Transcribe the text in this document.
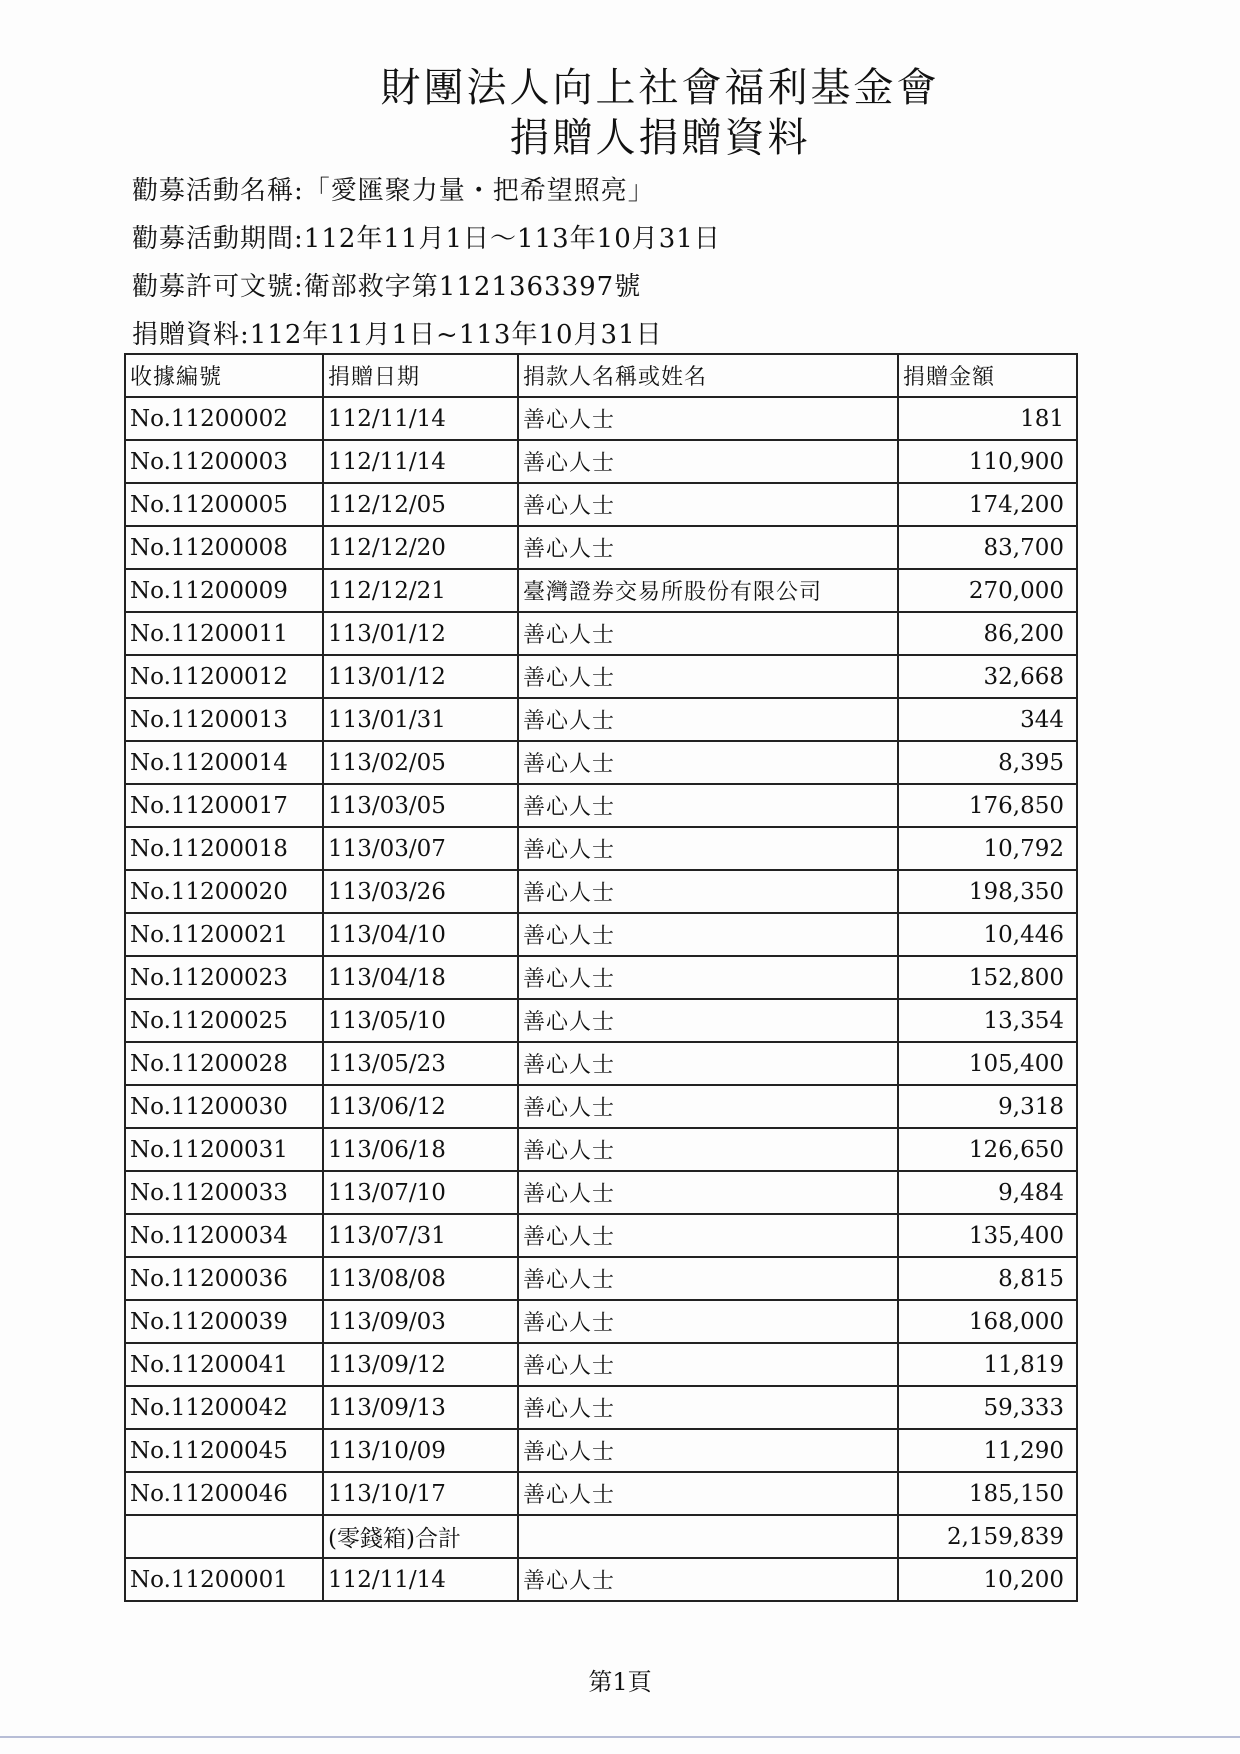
財團法人向上社會福利基金會
捐贈人捐贈資料
勸募活動名稱:「愛匯聚力量・把希望照亮」
勸募活動期間:112年11月1日～113年10月31日
勸募許可文號:衛部救字第1121363397號
捐贈資料:112年11月1日~113年10月31日
收據編號	捐贈日期	捐款人名稱或姓名	捐贈金額
No.11200002	112/11/14	善心人士	181
No.11200003	112/11/14	善心人士	110,900
No.11200005	112/12/05	善心人士	174,200
No.11200008	112/12/20	善心人士	83,700
No.11200009	112/12/21	臺灣證券交易所股份有限公司	270,000
No.11200011	113/01/12	善心人士	86,200
No.11200012	113/01/12	善心人士	32,668
No.11200013	113/01/31	善心人士	344
No.11200014	113/02/05	善心人士	8,395
No.11200017	113/03/05	善心人士	176,850
No.11200018	113/03/07	善心人士	10,792
No.11200020	113/03/26	善心人士	198,350
No.11200021	113/04/10	善心人士	10,446
No.11200023	113/04/18	善心人士	152,800
No.11200025	113/05/10	善心人士	13,354
No.11200028	113/05/23	善心人士	105,400
No.11200030	113/06/12	善心人士	9,318
No.11200031	113/06/18	善心人士	126,650
No.11200033	113/07/10	善心人士	9,484
No.11200034	113/07/31	善心人士	135,400
No.11200036	113/08/08	善心人士	8,815
No.11200039	113/09/03	善心人士	168,000
No.11200041	113/09/12	善心人士	11,819
No.11200042	113/09/13	善心人士	59,333
No.11200045	113/10/09	善心人士	11,290
No.11200046	113/10/17	善心人士	185,150
	(零錢箱)合計		2,159,839
No.11200001	112/11/14	善心人士	10,200
第1頁
